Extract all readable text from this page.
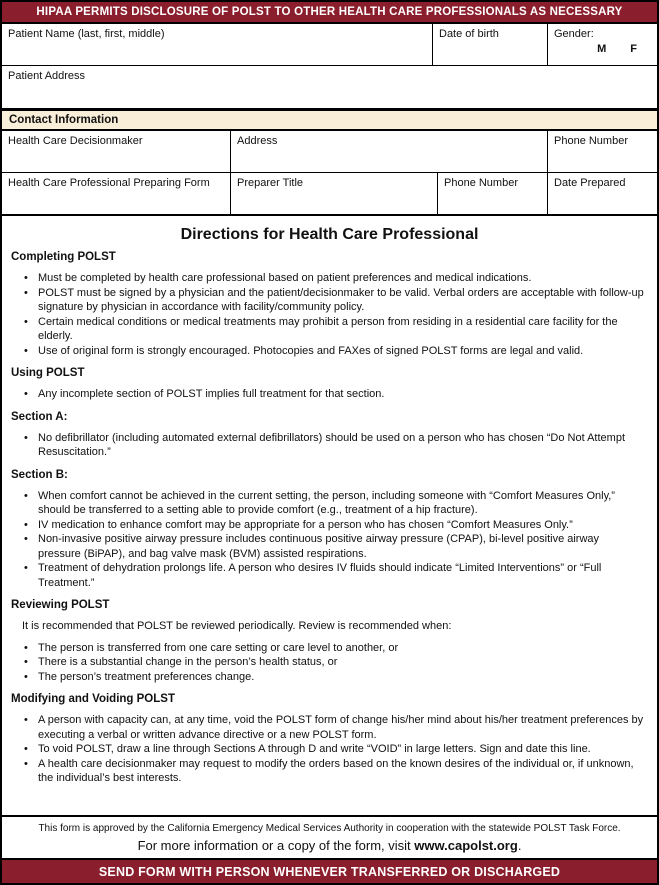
HIPAA PERMITS DISCLOSURE OF POLST TO OTHER HEALTH CARE PROFESSIONALS AS NECESSARY
Patient Name (last, first, middle)	Date of birth	Gender:
M F
Patient Address
Contact Information
Health Care Decisionmaker	Address	Phone Number
Health Care Professional Preparing Form	Preparer Title	Phone Number	Date Prepared
Directions for Health Care Professional
Completing POLST
• Must be completed by health care professional based on patient preferences and medical indications.
• POLST must be signed by a physician and the patient/decisionmaker to be valid. Verbal orders are acceptable with follow-up signature by physician in accordance with facility/community policy.
• Certain medical conditions or medical treatments may prohibit a person from residing in a residential care facility for the elderly.
• Use of original form is strongly encouraged. Photocopies and FAXes of signed POLST forms are legal and valid.
Using POLST
• Any incomplete section of POLST implies full treatment for that section.
Section A:
• No defibrillator (including automated external defibrillators) should be used on a person who has chosen “Do Not Attempt Resuscitation.”
Section B:
• When comfort cannot be achieved in the current setting, the person, including someone with “Comfort Measures Only,” should be transferred to a setting able to provide comfort (e.g., treatment of a hip fracture).
• IV medication to enhance comfort may be appropriate for a person who has chosen “Comfort Measures Only.”
• Non-invasive positive airway pressure includes continuous positive airway pressure (CPAP), bi-level positive airway pressure (BiPAP), and bag valve mask (BVM) assisted respirations.
• Treatment of dehydration prolongs life. A person who desires IV fluids should indicate “Limited Interventions” or “Full Treatment.”
Reviewing POLST
It is recommended that POLST be reviewed periodically. Review is recommended when:
• The person is transferred from one care setting or care level to another, or
• There is a substantial change in the person’s health status, or
• The person’s treatment preferences change.
Modifying and Voiding POLST
• A person with capacity can, at any time, void the POLST form of change his/her mind about his/her treatment preferences by executing a verbal or written advance directive or a new POLST form.
• To void POLST, draw a line through Sections A through D and write “VOID” in large letters. Sign and date this line.
• A health care decisionmaker may request to modify the orders based on the known desires of the individual or, if unknown, the individual’s best interests.
This form is approved by the California Emergency Medical Services Authority in cooperation with the statewide POLST Task Force.
For more information or a copy of the form, visit www.capolst.org.
SEND FORM WITH PERSON WHENEVER TRANSFERRED OR DISCHARGED
